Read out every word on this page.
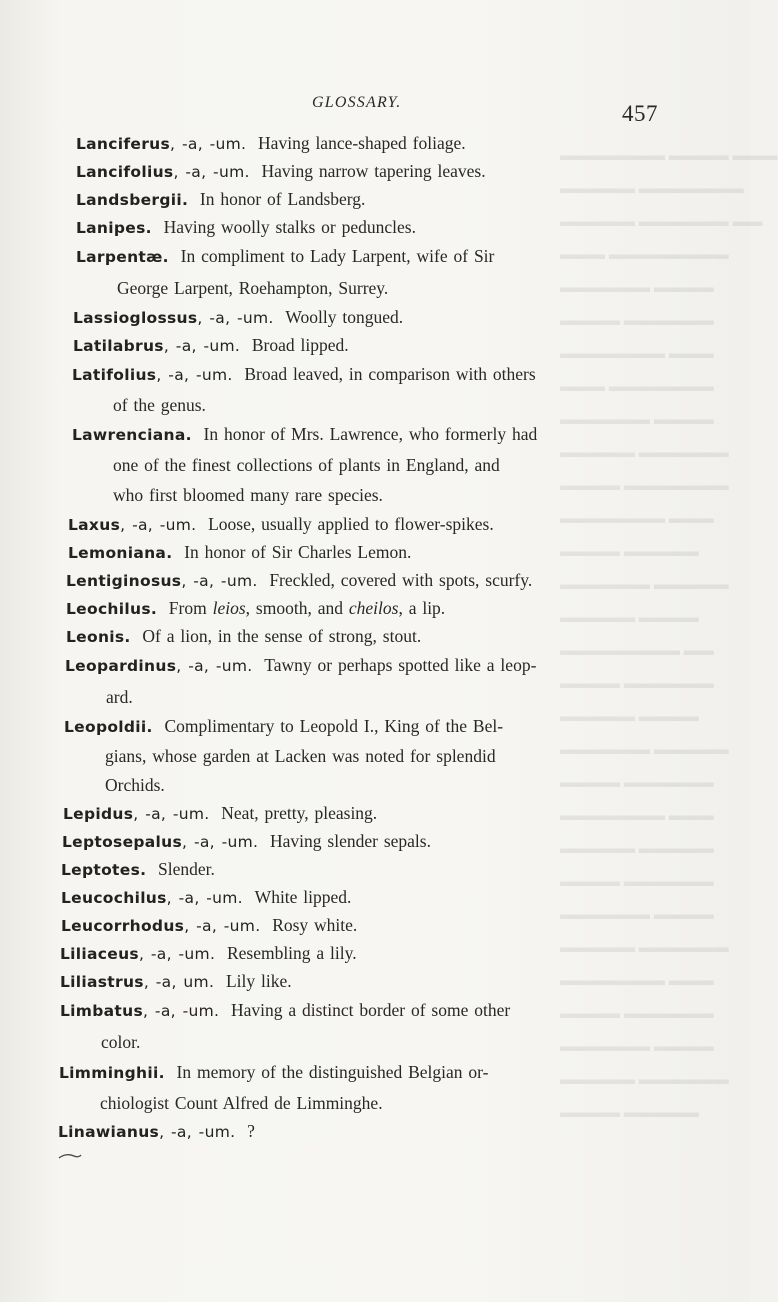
▬▬▬▬▬▬▬ ▬▬▬▬ ▬▬▬
▬▬▬▬▬ ▬▬▬▬▬▬▬
▬▬▬▬▬ ▬▬▬▬▬▬ ▬▬
▬▬▬ ▬▬▬▬▬▬▬▬
▬▬▬▬▬▬ ▬▬▬▬
▬▬▬▬ ▬▬▬▬▬▬
▬▬▬▬▬▬▬ ▬▬▬
▬▬▬ ▬▬▬▬▬▬▬
▬▬▬▬▬▬ ▬▬▬▬
▬▬▬▬▬ ▬▬▬▬▬▬
▬▬▬▬ ▬▬▬▬▬▬▬
▬▬▬▬▬▬▬ ▬▬▬
▬▬▬▬ ▬▬▬▬▬
▬▬▬▬▬▬ ▬▬▬▬▬
▬▬▬▬▬ ▬▬▬▬
▬▬▬▬▬▬▬▬ ▬▬
▬▬▬▬ ▬▬▬▬▬▬
▬▬▬▬▬ ▬▬▬▬
▬▬▬▬▬▬ ▬▬▬▬▬
▬▬▬▬ ▬▬▬▬▬▬
▬▬▬▬▬▬▬ ▬▬▬
▬▬▬▬▬ ▬▬▬▬▬
▬▬▬▬ ▬▬▬▬▬▬
▬▬▬▬▬▬ ▬▬▬▬
▬▬▬▬▬ ▬▬▬▬▬▬
▬▬▬▬▬▬▬ ▬▬▬
▬▬▬▬ ▬▬▬▬▬▬
▬▬▬▬▬▬ ▬▬▬▬
▬▬▬▬▬ ▬▬▬▬▬▬
▬▬▬▬ ▬▬▬▬▬
GLOSSARY.	457
Lanciferus, -a, -um. Having lance-shaped foliage.
Lancifolius, -a, -um. Having narrow tapering leaves.
Landsbergii. In honor of Landsberg.
Lanipes. Having woolly stalks or peduncles.
Larpentæ. In compliment to Lady Larpent, wife of Sir
George Larpent, Roehampton, Surrey.
Lassioglossus, -a, -um. Woolly tongued.
Latilabrus, -a, -um. Broad lipped.
Latifolius, -a, -um. Broad leaved, in comparison with others
of the genus.
Lawrenciana. In honor of Mrs. Lawrence, who formerly had
one of the finest collections of plants in England, and
who first bloomed many rare species.
Laxus, -a, -um. Loose, usually applied to flower-spikes.
Lemoniana. In honor of Sir Charles Lemon.
Lentiginosus, -a, -um. Freckled, covered with spots, scurfy.
Leochilus. From leios, smooth, and cheilos, a lip.
Leonis. Of a lion, in the sense of strong, stout.
Leopardinus, -a, -um. Tawny or perhaps spotted like a leop-
ard.
Leopoldii. Complimentary to Leopold I., King of the Bel-
gians, whose garden at Lacken was noted for splendid
Orchids.
Lepidus, -a, -um. Neat, pretty, pleasing.
Leptosepalus, -a, -um. Having slender sepals.
Leptotes. Slender.
Leucochilus, -a, -um. White lipped.
Leucorrhodus, -a, -um. Rosy white.
Liliaceus, -a, -um. Resembling a lily.
Liliastrus, -a, um. Lily like.
Limbatus, -a, -um. Having a distinct border of some other
color.
Limminghii. In memory of the distinguished Belgian or-
chiologist Count Alfred de Limminghe.
Linawianus, -a, -um. ?
